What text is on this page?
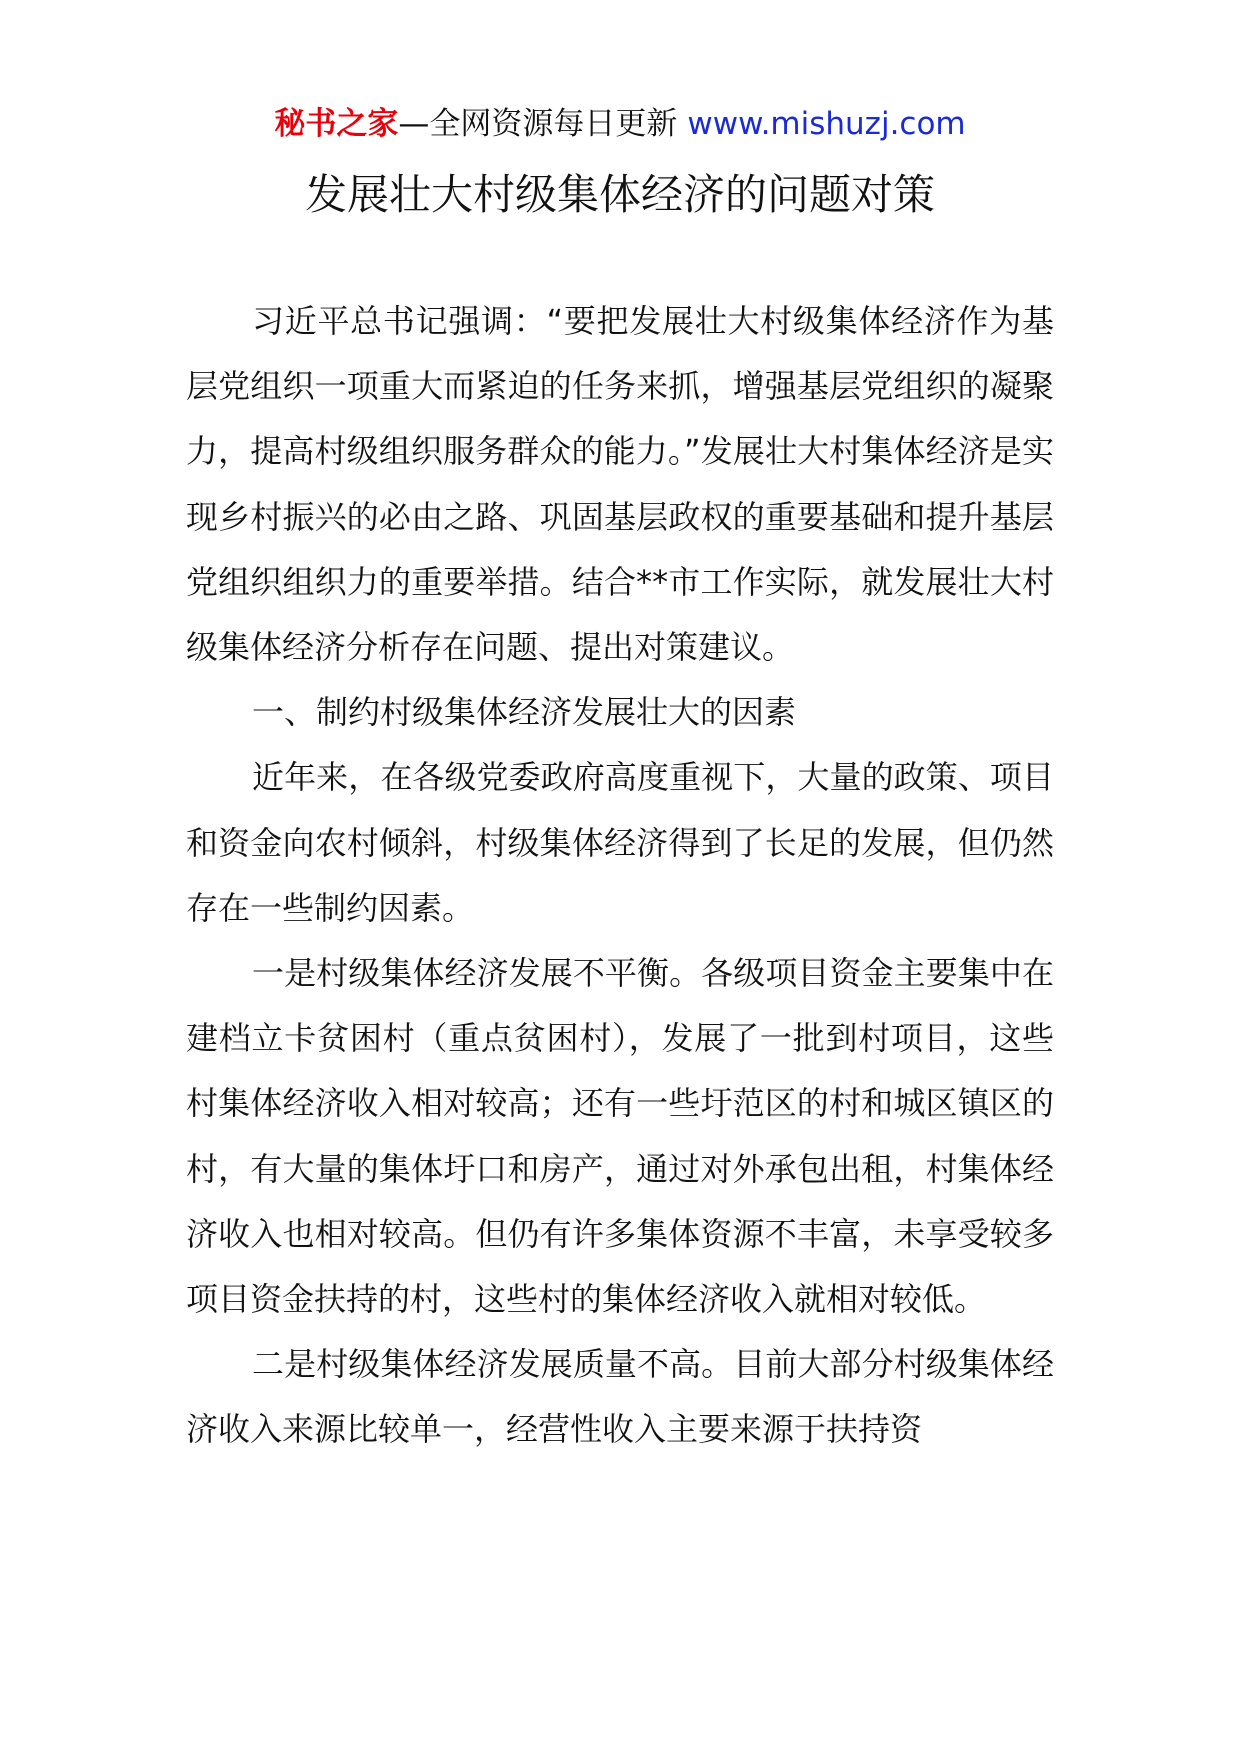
秘书之家—全网资源每日更新 www.mishuzj.com
发展壮大村级集体经济的问题对策

习近平总书记强调：“要把发展壮大村级集体经济作为基层党组织一项重大而紧迫的任务来抓，增强基层党组织的凝聚力，提高村级组织服务群众的能力。”发展壮大村集体经济是实现乡村振兴的必由之路、巩固基层政权的重要基础和提升基层党组织组织力的重要举措。结合**市工作实际，就发展壮大村级集体经济分析存在问题、提出对策建议。

一、制约村级集体经济发展壮大的因素

近年来，在各级党委政府高度重视下，大量的政策、项目和资金向农村倾斜，村级集体经济得到了长足的发展，但仍然存在一些制约因素。

一是村级集体经济发展不平衡。各级项目资金主要集中在建档立卡贫困村（重点贫困村），发展了一批到村项目，这些村集体经济收入相对较高；还有一些圩范区的村和城区镇区的村，有大量的集体圩口和房产，通过对外承包出租，村集体经济收入也相对较高。但仍有许多集体资源不丰富，未享受较多项目资金扶持的村，这些村的集体经济收入就相对较低。

二是村级集体经济发展质量不高。目前大部分村级集体经济收入来源比较单一，经营性收入主要来源于扶持资
